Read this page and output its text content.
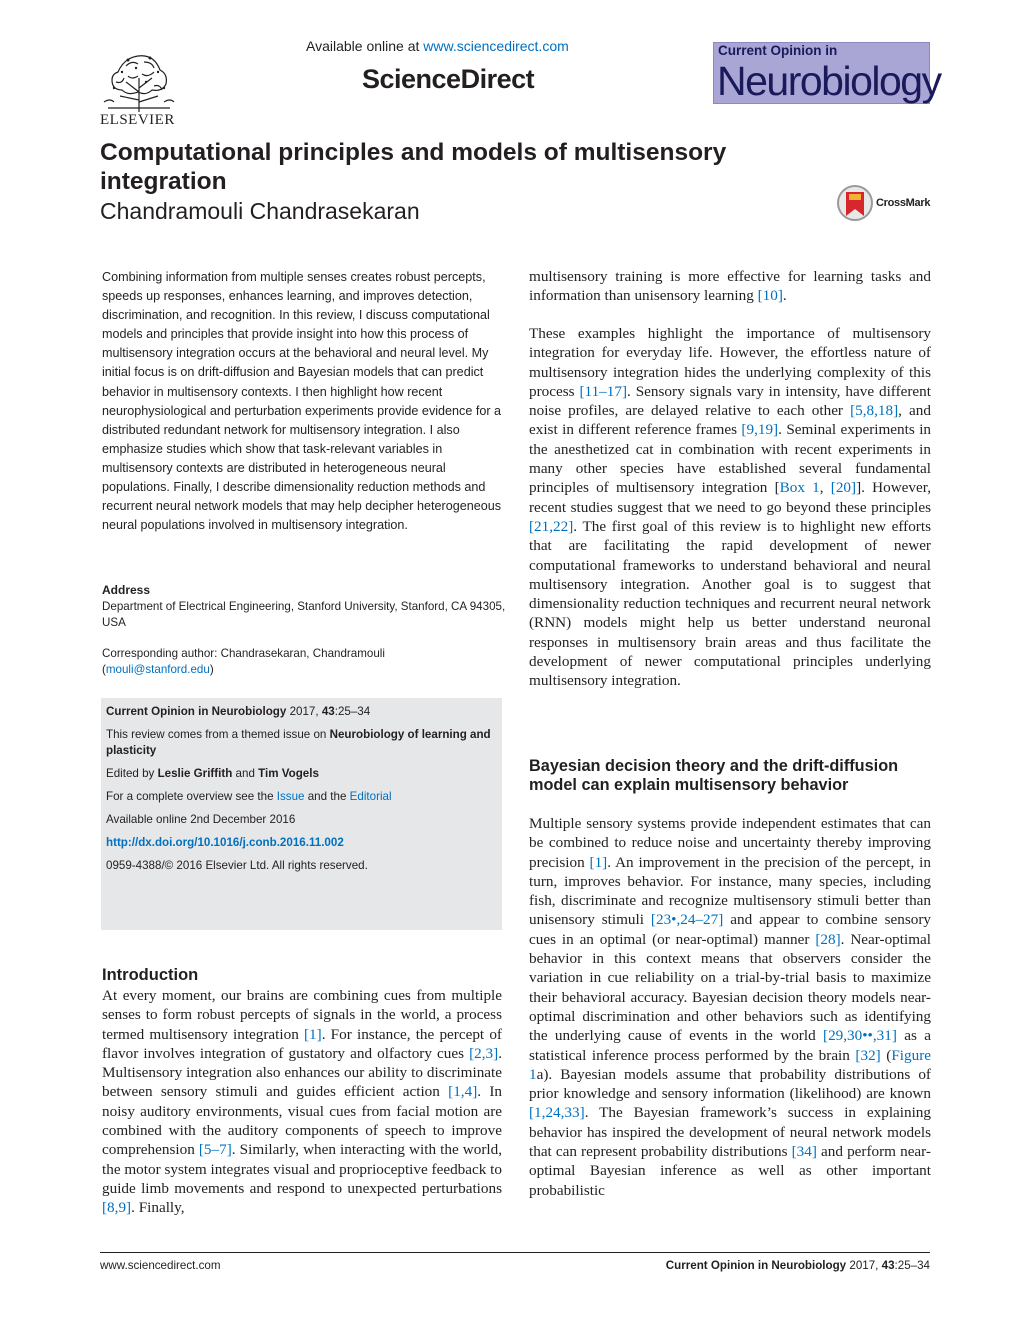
ELSEVIER
Available online at www.sciencedirect.com
ScienceDirect
Current Opinion in
Neurobiology
Computational principles and models of multisensory integration
Chandramouli Chandrasekaran	CrossMark

Combining information from multiple senses creates robust percepts, speeds up responses, enhances learning, and improves detection, discrimination, and recognition. In this review, I discuss computational models and principles that provide insight into how this process of multisensory integration occurs at the behavioral and neural level. My initial focus is on drift-diffusion and Bayesian models that can predict behavior in multisensory contexts. I then highlight how recent neurophysiological and perturbation experiments provide evidence for a distributed redundant network for multisensory integration. I also emphasize studies which show that task-relevant variables in multisensory contexts are distributed in heterogeneous neural populations. Finally, I describe dimensionality reduction methods and recurrent neural network models that may help decipher heterogeneous neural populations involved in multisensory integration.

Address
Department of Electrical Engineering, Stanford University, Stanford, CA 94305, USA
Corresponding author: Chandrasekaran, Chandramouli
(mouli@stanford.edu)
Current Opinion in Neurobiology 2017, 43:25–34
This review comes from a themed issue on Neurobiology of learning and plasticity
Edited by Leslie Griffith and Tim Vogels
For a complete overview see the Issue and the Editorial
Available online 2nd December 2016
http://dx.doi.org/10.1016/j.conb.2016.11.002
0959-4388/© 2016 Elsevier Ltd. All rights reserved.
Introduction

At every moment, our brains are combining cues from multiple senses to form robust percepts of signals in the world, a process termed multisensory integration [1]. For instance, the percept of flavor involves integration of gustatory and olfactory cues [2,3]. Multisensory integration also enhances our ability to discriminate between sensory stimuli and guides efficient action [1,4]. In noisy auditory environments, visual cues from facial motion are combined with the auditory components of speech to improve comprehension [5–7]. Similarly, when interacting with the world, the motor system integrates visual and proprioceptive feedback to guide limb movements and respond to unexpected perturbations [8,9]. Finally,

multisensory training is more effective for learning tasks and information than unisensory learning [10].

These examples highlight the importance of multisensory integration for everyday life. However, the effortless nature of multisensory integration hides the underlying complexity of this process [11–17]. Sensory signals vary in intensity, have different noise profiles, are delayed relative to each other [5,8,18], and exist in different reference frames [9,19]. Seminal experiments in the anesthetized cat in combination with recent experiments in many other species have established several fundamental principles of multisensory integration [Box 1, [20]]. However, recent studies suggest that we need to go beyond these principles [21,22]. The first goal of this review is to highlight new efforts that are facilitating the rapid development of newer computational frameworks to understand behavioral and neural multisensory integration. Another goal is to suggest that dimensionality reduction techniques and recurrent neural network (RNN) models might help us better understand neuronal responses in multisensory brain areas and thus facilitate the development of newer computational principles underlying multisensory integration.

Bayesian decision theory and the drift-diffusion model can explain multisensory behavior

Multiple sensory systems provide independent estimates that can be combined to reduce noise and uncertainty thereby improving precision [1]. An improvement in the precision of the percept, in turn, improves behavior. For instance, many species, including fish, discriminate and recognize multisensory stimuli better than unisensory stimuli [23•,24–27] and appear to combine sensory cues in an optimal (or near-optimal) manner [28]. Near-optimal behavior in this context means that observers consider the variation in cue reliability on a trial-by-trial basis to maximize their behavioral accuracy. Bayesian decision theory models near-optimal discrimination and other behaviors such as identifying the underlying cause of events in the world [29,30••,31] as a statistical inference process performed by the brain [32] (Figure 1a). Bayesian models assume that probability distributions of prior knowledge and sensory information (likelihood) are known [1,24,33]. The Bayesian framework’s success in explaining behavior has inspired the development of neural network models that can represent probability distributions [34] and perform near-optimal Bayesian inference as well as other important probabilistic

www.sciencedirect.com	Current Opinion in Neurobiology 2017, 43:25–34
